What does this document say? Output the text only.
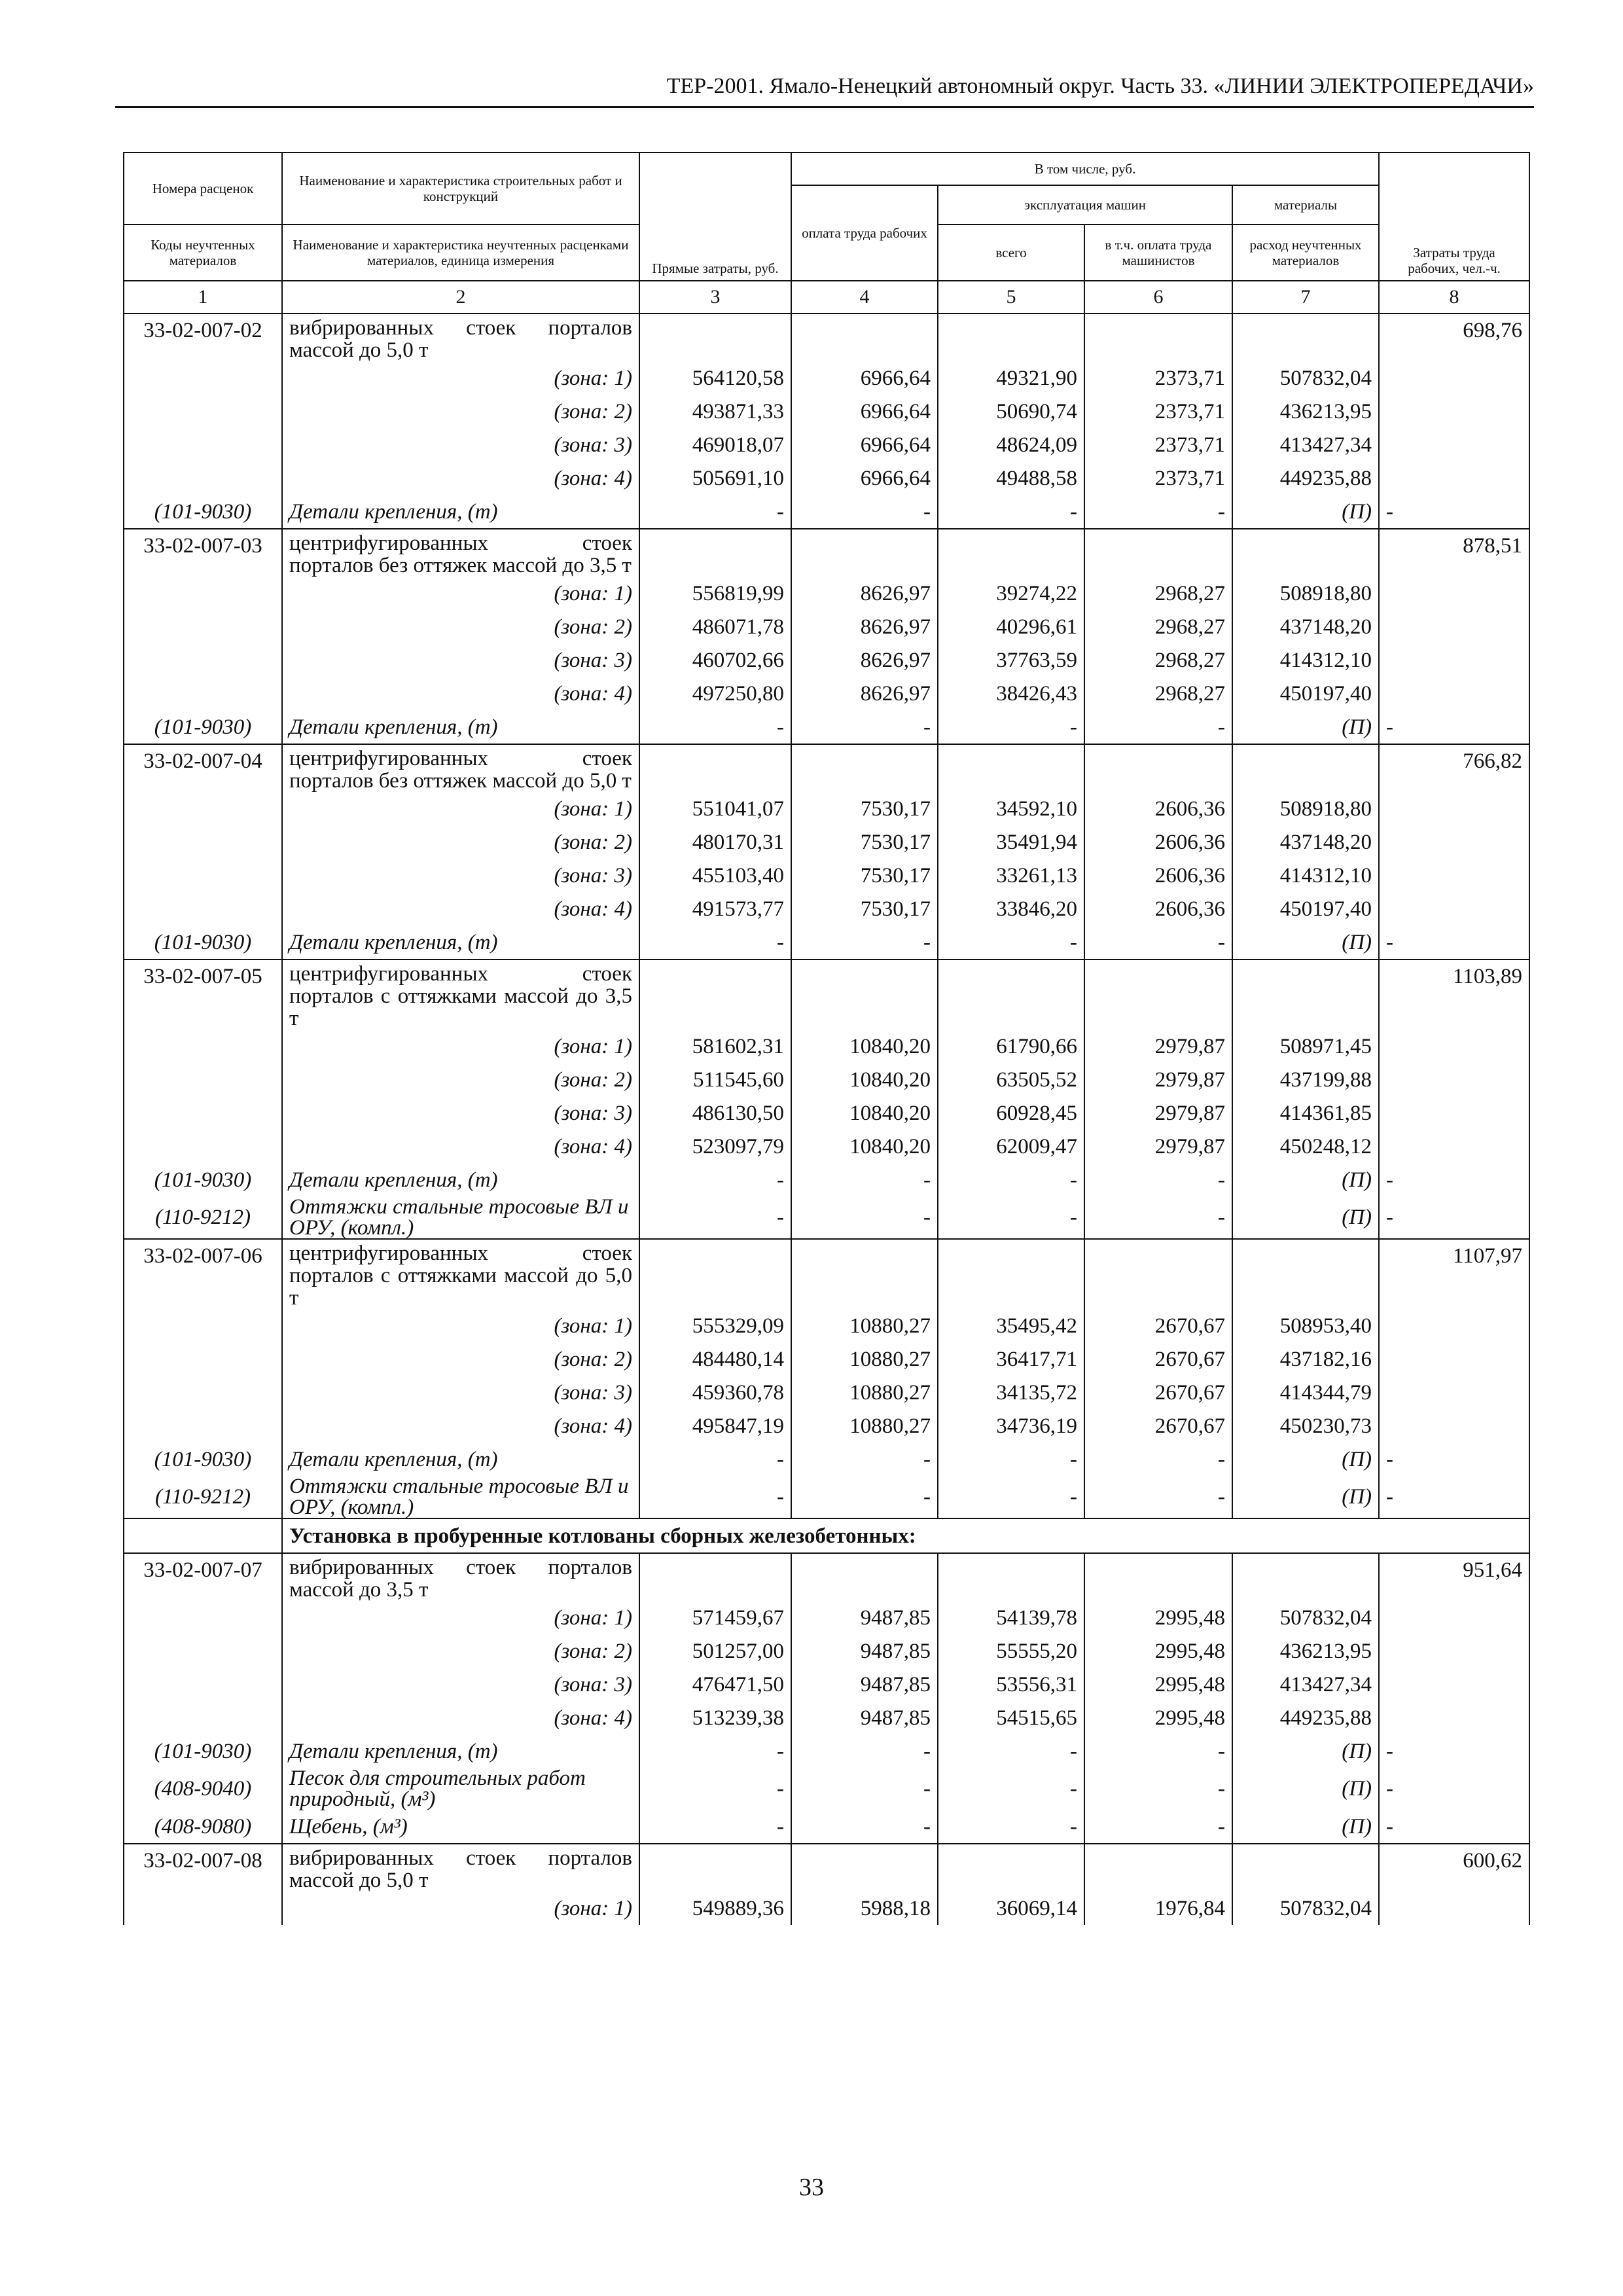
ТЕР-2001. Ямало-Ненецкий автономный округ. Часть 33. «ЛИНИИ ЭЛЕКТРОПЕРЕДАЧИ»
Номера расценок	Наименование и характеристика строительных работ и конструкций	Прямые затраты, руб.	В том числе, руб.				Затраты труда рабочих, чел.-ч.
			оплата труда рабочих	эксплуатация машин		материалы	
Коды неучтенных материалов	Наименование и характеристика неучтенных расценками материалов, единица измерения			всего	в т.ч. оплата труда машинистов	расход неучтенных материалов	
1	2	3	4	5	6	7	8
33-02-007-02	вибрированных стоек порталов массой до 5,0 т						698,76
	(зона: 1)	564120,58	6966,64	49321,90	2373,71	507832,04	
	(зона: 2)	493871,33	6966,64	50690,74	2373,71	436213,95	
	(зона: 3)	469018,07	6966,64	48624,09	2373,71	413427,34	
	(зона: 4)	505691,10	6966,64	49488,58	2373,71	449235,88	
(101-9030)	Детали крепления, (т)	-	-	-	-	(П)	-
33-02-007-03	центрифугированных стоек порталов без оттяжек массой до 3,5 т						878,51
	(зона: 1)	556819,99	8626,97	39274,22	2968,27	508918,80	
	(зона: 2)	486071,78	8626,97	40296,61	2968,27	437148,20	
	(зона: 3)	460702,66	8626,97	37763,59	2968,27	414312,10	
	(зона: 4)	497250,80	8626,97	38426,43	2968,27	450197,40	
(101-9030)	Детали крепления, (т)	-	-	-	-	(П)	-
33-02-007-04	центрифугированных стоек порталов без оттяжек массой до 5,0 т						766,82
	(зона: 1)	551041,07	7530,17	34592,10	2606,36	508918,80	
	(зона: 2)	480170,31	7530,17	35491,94	2606,36	437148,20	
	(зона: 3)	455103,40	7530,17	33261,13	2606,36	414312,10	
	(зона: 4)	491573,77	7530,17	33846,20	2606,36	450197,40	
(101-9030)	Детали крепления, (т)	-	-	-	-	(П)	-
33-02-007-05	центрифугированных стоек порталов с оттяжками массой до 3,5 т						1103,89
	(зона: 1)	581602,31	10840,20	61790,66	2979,87	508971,45	
	(зона: 2)	511545,60	10840,20	63505,52	2979,87	437199,88	
	(зона: 3)	486130,50	10840,20	60928,45	2979,87	414361,85	
	(зона: 4)	523097,79	10840,20	62009,47	2979,87	450248,12	
(101-9030)	Детали крепления, (т)	-	-	-	-	(П)	-
(110-9212)	Оттяжки стальные тросовые ВЛ и ОРУ, (компл.)	-	-	-	-	(П)	-
33-02-007-06	центрифугированных стоек порталов с оттяжками массой до 5,0 т						1107,97
	(зона: 1)	555329,09	10880,27	35495,42	2670,67	508953,40	
	(зона: 2)	484480,14	10880,27	36417,71	2670,67	437182,16	
	(зона: 3)	459360,78	10880,27	34135,72	2670,67	414344,79	
	(зона: 4)	495847,19	10880,27	34736,19	2670,67	450230,73	
(101-9030)	Детали крепления, (т)	-	-	-	-	(П)	-
(110-9212)	Оттяжки стальные тросовые ВЛ и ОРУ, (компл.)	-	-	-	-	(П)	-
	Установка в пробуренные котлованы сборных железобетонных:						
33-02-007-07	вибрированных стоек порталов массой до 3,5 т						951,64
	(зона: 1)	571459,67	9487,85	54139,78	2995,48	507832,04	
	(зона: 2)	501257,00	9487,85	55555,20	2995,48	436213,95	
	(зона: 3)	476471,50	9487,85	53556,31	2995,48	413427,34	
	(зона: 4)	513239,38	9487,85	54515,65	2995,48	449235,88	
(101-9030)	Детали крепления, (т)	-	-	-	-	(П)	-
(408-9040)	Песок для строительных работ природный, (м³)	-	-	-	-	(П)	-
(408-9080)	Щебень, (м³)	-	-	-	-	(П)	-
33-02-007-08	вибрированных стоек порталов массой до 5,0 т						600,62
	(зона: 1)	549889,36	5988,18	36069,14	1976,84	507832,04	
33
